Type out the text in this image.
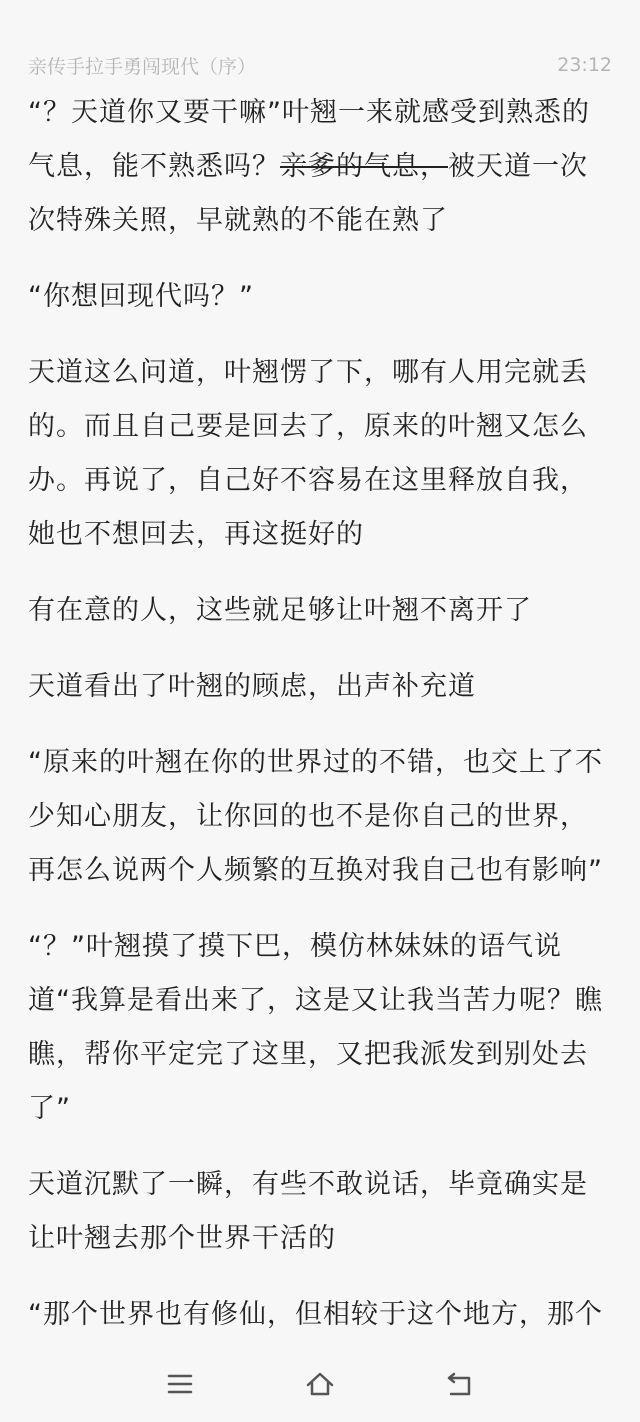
亲传手拉手勇闯现代（序）	23:12

“？天道你又要干嘛”叶翘一来就感受到熟悉的气息，能不熟悉吗？亲爹的气息，被天道一次次特殊关照，早就熟的不能在熟了

“你想回现代吗？”

天道这么问道，叶翘愣了下，哪有人用完就丢的。而且自己要是回去了，原来的叶翘又怎么办。再说了，自己好不容易在这里释放自我，她也不想回去，再这挺好的

有在意的人，这些就足够让叶翘不离开了

天道看出了叶翘的顾虑，出声补充道

“原来的叶翘在你的世界过的不错，也交上了不少知心朋友，让你回的也不是你自己的世界，再怎么说两个人频繁的互换对我自己也有影响”

“？”叶翘摸了摸下巴，模仿林妹妹的语气说道“我算是看出来了，这是又让我当苦力呢？瞧瞧，帮你平定完了这里，又把我派发到别处去了”

天道沉默了一瞬，有些不敢说话，毕竟确实是让叶翘去那个世界干活的

“那个世界也有修仙，但相较于这个地方，那个
